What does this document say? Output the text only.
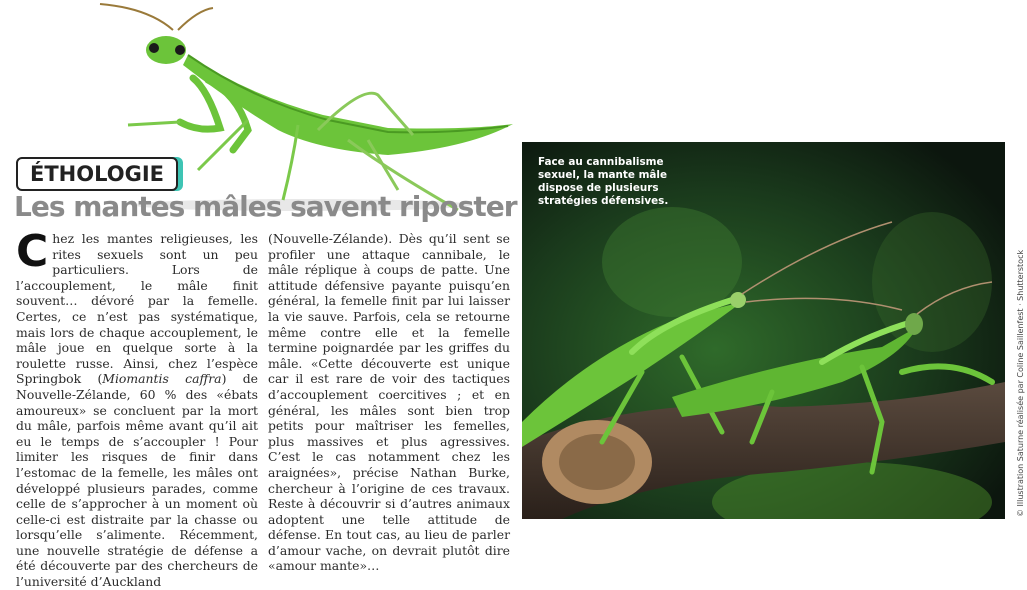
ÉTHOLOGIE
Les mantes mâles savent riposter
Chez les mantes religieuses, les rites sexuels sont un peu particuliers. Lors de l’accouplement, le mâle finit souvent… dévoré par la femelle. Certes, ce n’est pas systématique, mais lors de chaque accouplement, le mâle joue en quelque sorte à la roulette russe. Ainsi, chez l’espèce Springbok (Miomantis caffra) de Nouvelle-Zélande, 60 % des «ébats amoureux» se concluent par la mort du mâle, parfois même avant qu’il ait eu le temps de s’accoupler ! Pour limiter les risques de finir dans l’estomac de la femelle, les mâles ont développé plusieurs parades, comme celle de s’approcher à un moment où celle-ci est distraite par la chasse ou lorsqu’elle s’alimente. Récemment, une nouvelle stratégie de défense a été découverte par des chercheurs de l’université d’Auckland
(Nouvelle-Zélande). Dès qu’il sent se profiler une attaque cannibale, le mâle réplique à coups de patte. Une attitude défensive payante puisqu’en général, la femelle finit par lui laisser la vie sauve. Parfois, cela se retourne même contre elle et la femelle termine poignardée par les griffes du mâle. «Cette découverte est unique car il est rare de voir des tactiques d’accouplement coercitives ; et en général, les mâles sont bien trop petits pour maîtriser les femelles, plus massives et plus agressives. C’est le cas notamment chez les araignées», précise Nathan Burke, chercheur à l’origine de ces travaux. Reste à découvrir si d’autres animaux adoptent une telle attitude de défense. En tout cas, au lieu de parler d’amour vache, on devrait plutôt dire «amour mante»…
Face au cannibalisme sexuel, la mante mâle dispose de plusieurs stratégies défensives.
© Illustration Saturne réalisée par Coline Saillenfest · Shutterstock
